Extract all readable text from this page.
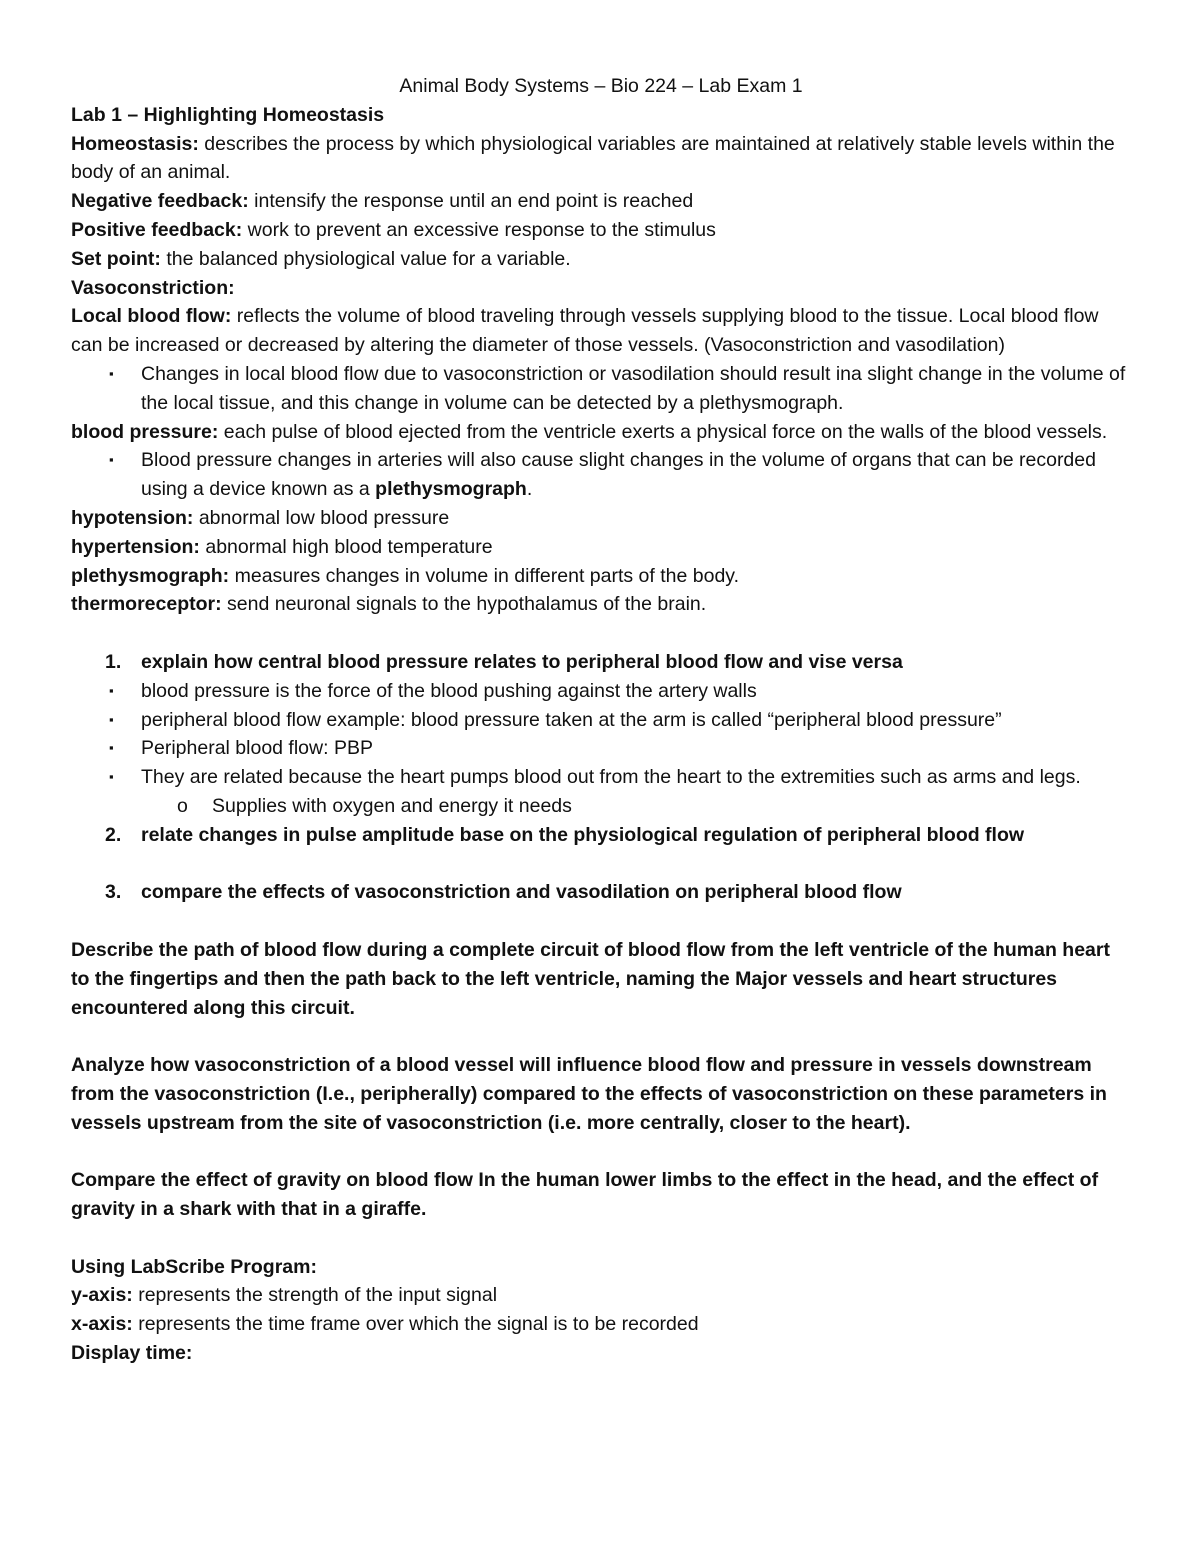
Animal Body Systems – Bio 224 – Lab Exam 1

Lab 1 – Highlighting Homeostasis

Homeostasis: describes the process by which physiological variables are maintained at relatively stable levels within the body of an animal.

Negative feedback: intensify the response until an end point is reached

Positive feedback: work to prevent an excessive response to the stimulus

Set point: the balanced physiological value for a variable.

Vasoconstriction:

Local blood flow: reflects the volume of blood traveling through vessels supplying blood to the tissue. Local blood flow can be increased or decreased by altering the diameter of those vessels. (Vasoconstriction and vasodilation)

▪ Changes in local blood flow due to vasoconstriction or vasodilation should result ina slight change in the volume of the local tissue, and this change in volume can be detected by a plethysmograph.

blood pressure: each pulse of blood ejected from the ventricle exerts a physical force on the walls of the blood vessels.

▪ Blood pressure changes in arteries will also cause slight changes in the volume of organs that can be recorded using a device known as a plethysmograph.

hypotension: abnormal low blood pressure

hypertension: abnormal high blood temperature

plethysmograph: measures changes in volume in different parts of the body.

thermoreceptor: send neuronal signals to the hypothalamus of the brain.

1. explain how central blood pressure relates to peripheral blood flow and vise versa

▪ blood pressure is the force of the blood pushing against the artery walls

▪ peripheral blood flow example: blood pressure taken at the arm is called “peripheral blood pressure”

▪ Peripheral blood flow: PBP

▪ They are related because the heart pumps blood out from the heart to the extremities such as arms and legs.

o Supplies with oxygen and energy it needs

2. relate changes in pulse amplitude base on the physiological regulation of peripheral blood flow

3. compare the effects of vasoconstriction and vasodilation on peripheral blood flow

Describe the path of blood flow during a complete circuit of blood flow from the left ventricle of the human heart to the fingertips and then the path back to the left ventricle, naming the Major vessels and heart structures encountered along this circuit.

Analyze how vasoconstriction of a blood vessel will influence blood flow and pressure in vessels downstream from the vasoconstriction (I.e., peripherally) compared to the effects of vasoconstriction on these parameters in vessels upstream from the site of vasoconstriction (i.e. more centrally, closer to the heart).

Compare the effect of gravity on blood flow In the human lower limbs to the effect in the head, and the effect of gravity in a shark with that in a giraffe.

Using LabScribe Program:

y-axis: represents the strength of the input signal

x-axis: represents the time frame over which the signal is to be recorded

Display time:
